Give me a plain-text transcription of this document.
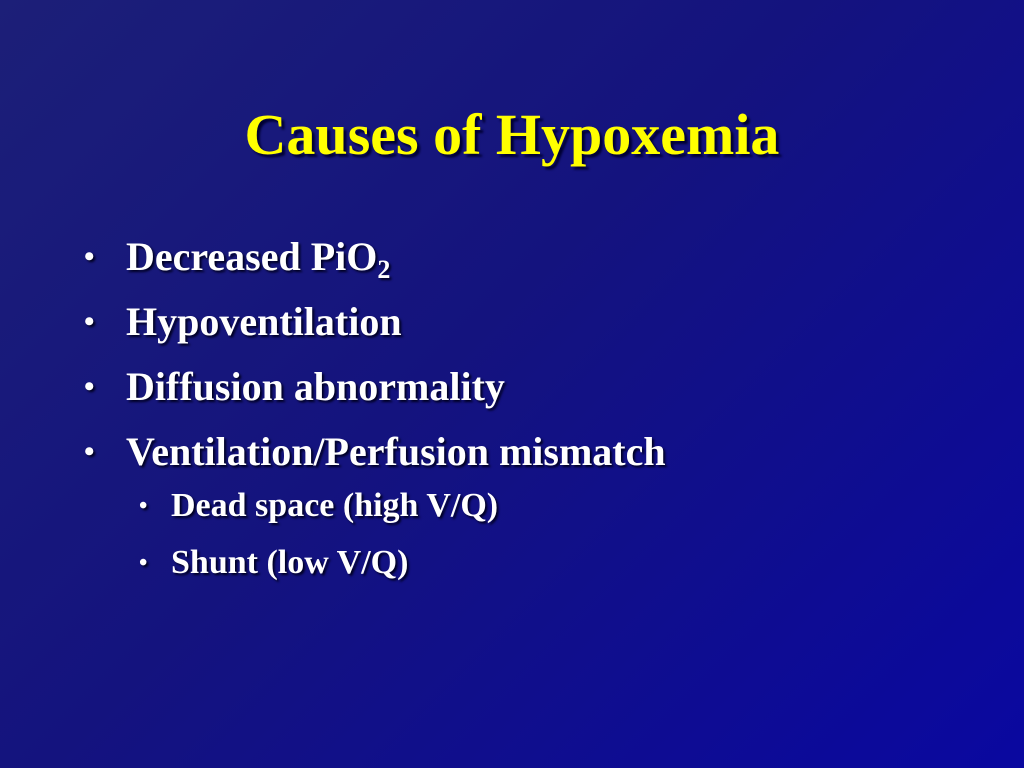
Causes of Hypoxemia
• Decreased PiO$_2$
• Hypoventilation
• Diffusion abnormality
• Ventilation/Perfusion mismatch
• Dead space (high V/Q)
• Shunt (low V/Q)
